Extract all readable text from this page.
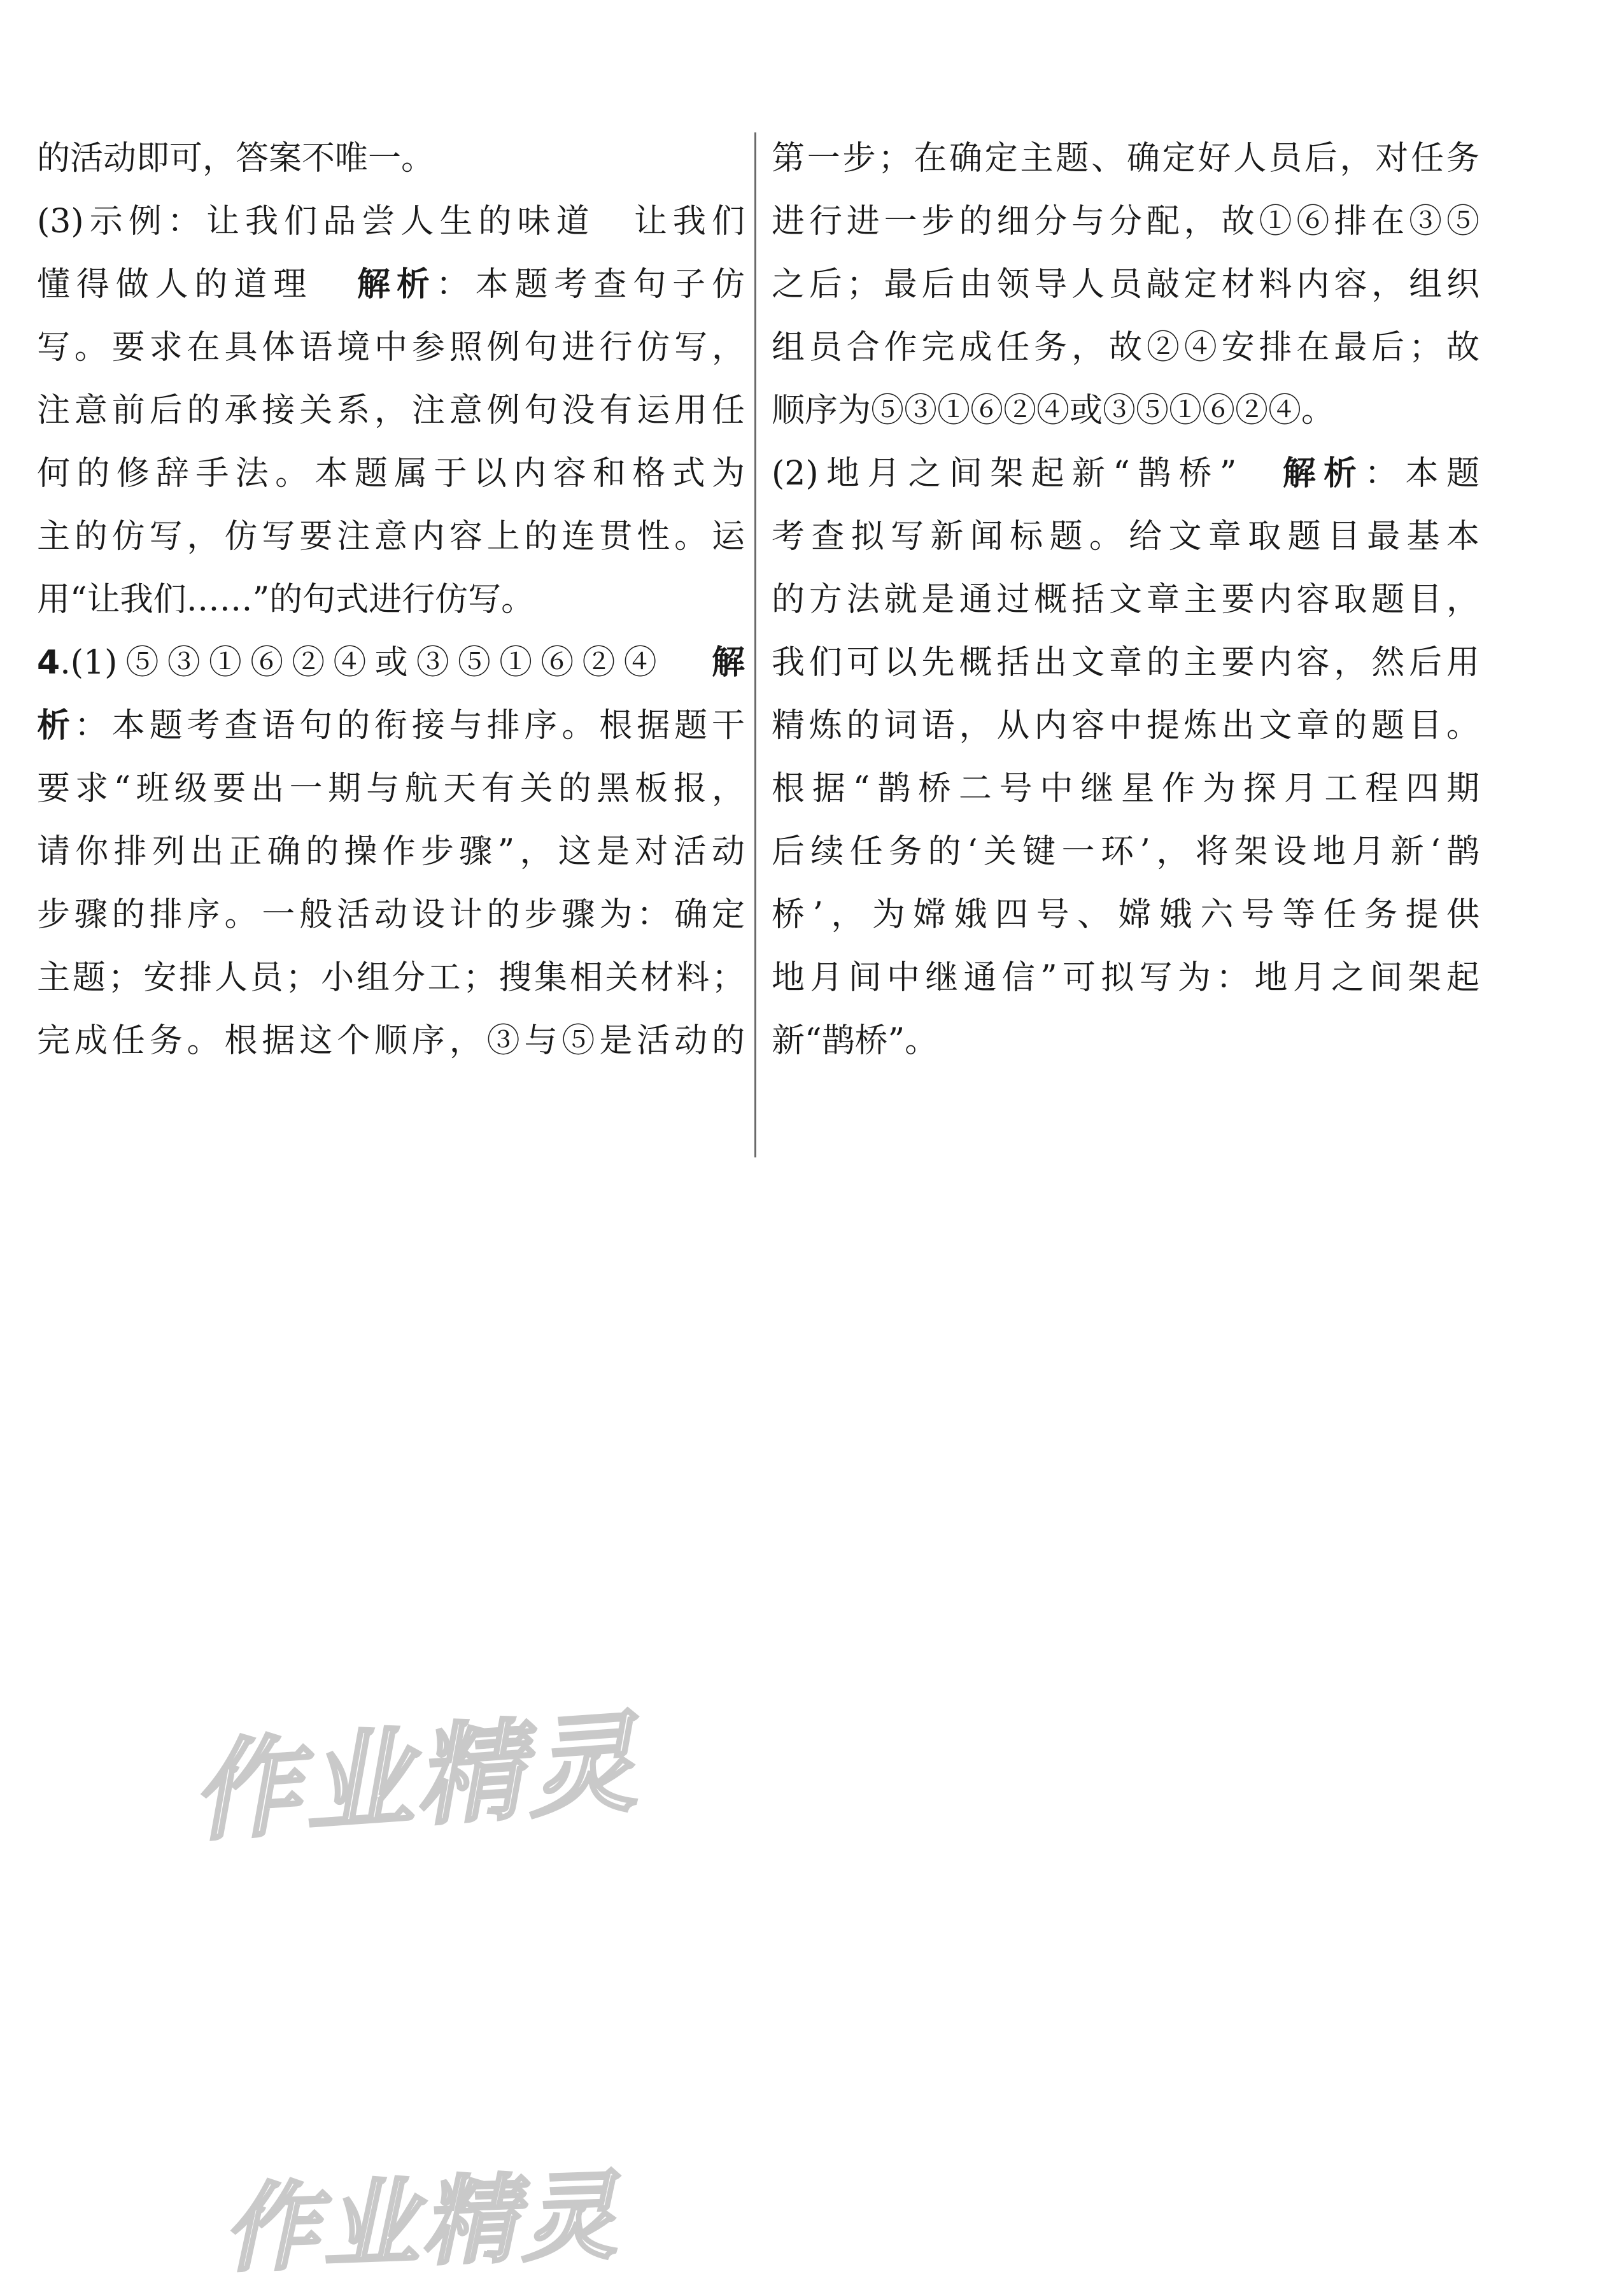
的活动即可，答案不唯一。
(3)示例：让我们品尝人生的味道　让我们
懂得做人的道理 解析：本题考查句子仿
写。要求在具体语境中参照例句进行仿写，
注意前后的承接关系，注意例句没有运用任
何的修辞手法。本题属于以内容和格式为
主的仿写，仿写要注意内容上的连贯性。运
用“让我们……”的句式进行仿写。
4.(1)⑤③①⑥②④或③⑤①⑥②④ 解
析：本题考查语句的衔接与排序。根据题干
要求“班级要出一期与航天有关的黑板报，
请你排列出正确的操作步骤”，这是对活动
步骤的排序。一般活动设计的步骤为：确定
主题；安排人员；小组分工；搜集相关材料；
完成任务。根据这个顺序，③与⑤是活动的
第一步；在确定主题、确定好人员后，对任务
进行进一步的细分与分配，故①⑥排在③⑤
之后；最后由领导人员敲定材料内容，组织
组员合作完成任务，故②④安排在最后；故
顺序为⑤③①⑥②④或③⑤①⑥②④。
(2)地月之间架起新“鹊桥” 解析：本题
考查拟写新闻标题。给文章取题目最基本
的方法就是通过概括文章主要内容取题目，
我们可以先概括出文章的主要内容，然后用
精炼的词语，从内容中提炼出文章的题目。
根据“鹊桥二号中继星作为探月工程四期
后续任务的‘关键一环’，将架设地月新‘鹊
桥’，为嫦娥四号、嫦娥六号等任务提供
地月间中继通信”可拟写为：地月之间架起
新“鹊桥”。
作业精灵
作业精灵
